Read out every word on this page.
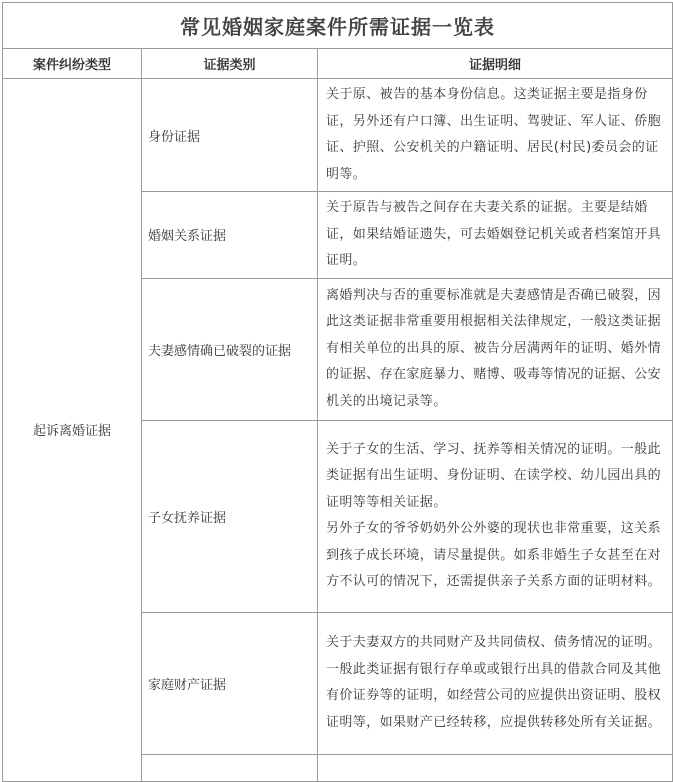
常见婚姻家庭案件所需证据一览表		
案件纠纷类型	证据类别	证据明细
起诉离婚证据	身份证据	关于原、被告的基本身份信息。这类证据主要是指身份证，另外还有户口簿、出生证明、驾驶证、军人证、侨胞证、护照、公安机关的户籍证明、居民(村民)委员会的证明等。

	婚姻关系证据	关于原告与被告之间存在夫妻关系的证据。主要是结婚证，如果结婚证遗失，可去婚姻登记机关或者档案馆开具证明。

	夫妻感情确已破裂的证据	离婚判决与否的重要标准就是夫妻感情是否确已破裂，因此这类证据非常重要用根据相关法律规定，一般这类证据有相关单位的出具的原、被告分居满两年的证明、婚外情的证据、存在家庭暴力、赌博、吸毒等情况的证据、公安机关的出境记录等。

	子女抚养证据	关于子女的生活、学习、抚养等相关情况的证明。一般此类证据有出生证明、身份证明、在读学校、幼儿园出具的证明等等相关证据。

另外子女的爷爷奶奶外公外婆的现状也非常重要，这关系到孩子成长环境，请尽量提供。如系非婚生子女甚至在对方不认可的情况下，还需提供亲子关系方面的证明材料。

	家庭财产证据	关于夫妻双方的共同财产及共同债权、债务情况的证明。一般此类证据有银行存单或或银行出具的借款合同及其他有价证券等的证明，如经营公司的应提供出资证明、股权证明等，如果财产已经转移，应提供转移处所有关证据。
